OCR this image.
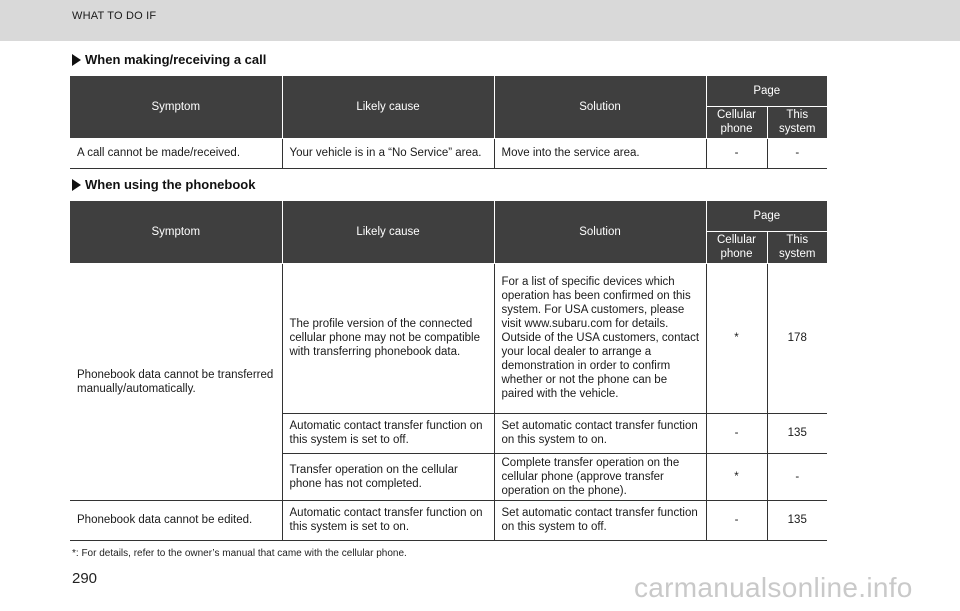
WHAT TO DO IF
When making/receiving a call
Symptom	Likely cause	Solution	Page	
			Cellular phone	This system
A call cannot be made/received.	Your vehicle is in a “No Service” area.	Move into the service area.	-	-
When using the phonebook
Symptom	Likely cause	Solution	Page	
			Cellular phone	This system
Phonebook data cannot be transferred manually/automatically.	The profile version of the connected cellular phone may not be compatible with transferring phonebook data.	For a list of specific devices which operation has been confirmed on this system. For USA customers, please visit www.subaru.com for details. Outside of the USA customers, contact your local dealer to arrange a demonstration in order to confirm whether or not the phone can be paired with the vehicle.	*	178
	Automatic contact transfer function on this system is set to off.	Set automatic contact transfer function on this system to on.	-	135
	Transfer operation on the cellular phone has not completed.	Complete transfer operation on the cellular phone (approve transfer operation on the phone).	*	-
Phonebook data cannot be edited.	Automatic contact transfer function on this system is set to on.	Set automatic contact transfer function on this system to off.	-	135
*: For details, refer to the owner’s manual that came with the cellular phone.
290	carmanualsonline.info
